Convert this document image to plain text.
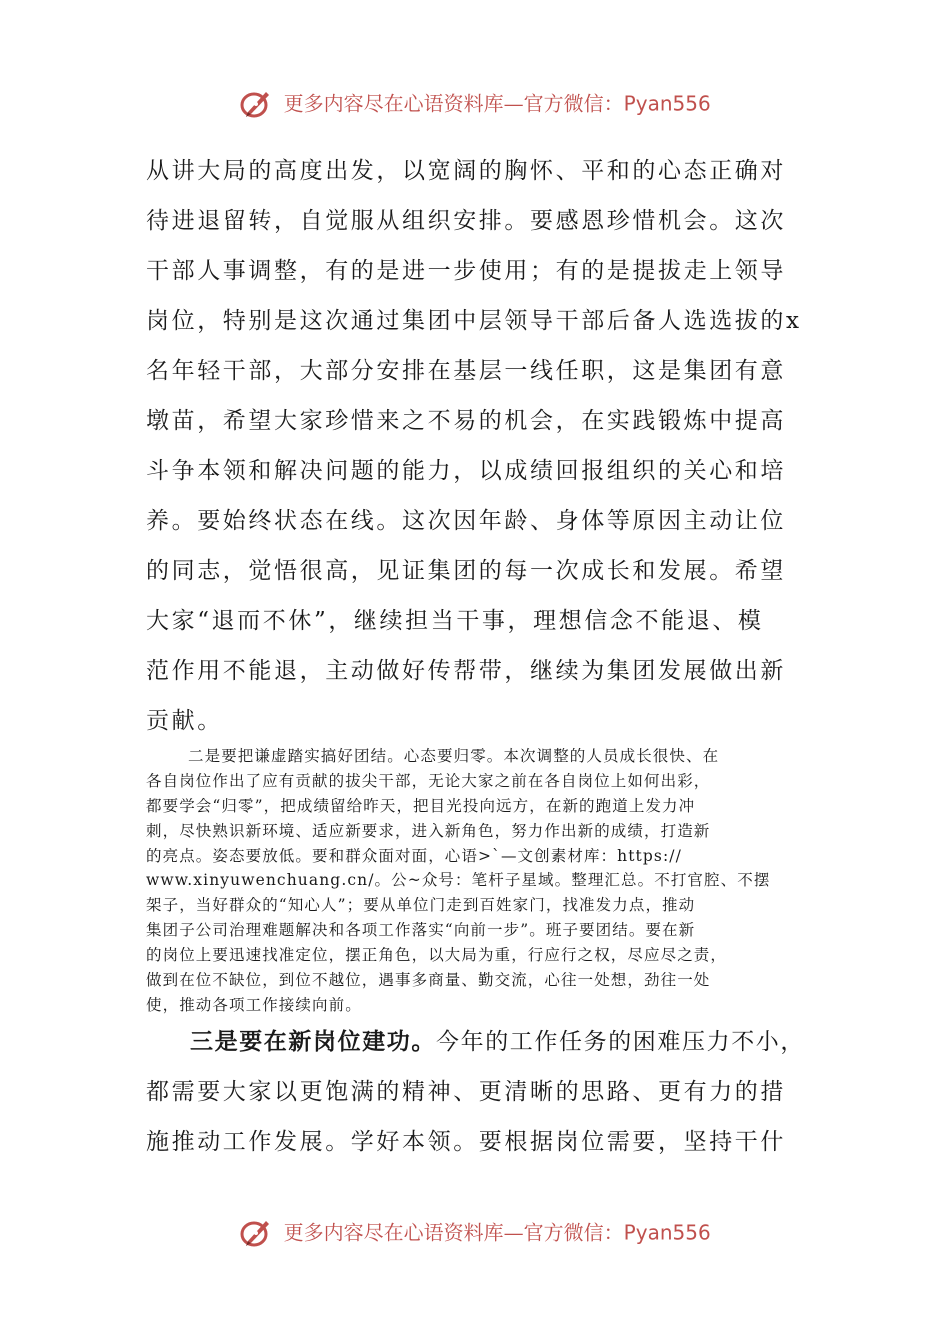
更多内容尽在心语资料库—官方微信：Pyan556
从讲大局的高度出发，以宽阔的胸怀、平和的心态正确对
待进退留转，自觉服从组织安排。要感恩珍惜机会。这次
干部人事调整，有的是进一步使用；有的是提拔走上领导
岗位，特别是这次通过集团中层领导干部后备人选选拔的x
名年轻干部，大部分安排在基层一线任职，这是集团有意
墩苗，希望大家珍惜来之不易的机会，在实践锻炼中提高
斗争本领和解决问题的能力，以成绩回报组织的关心和培
养。要始终状态在线。这次因年龄、身体等原因主动让位
的同志，觉悟很高，见证集团的每一次成长和发展。希望
大家“退而不休”，继续担当干事，理想信念不能退、模
范作用不能退，主动做好传帮带，继续为集团发展做出新
贡献。
二是要把谦虚踏实搞好团结。心态要归零。本次调整的人员成长很快、在
各自岗位作出了应有贡献的拔尖干部，无论大家之前在各自岗位上如何出彩，
都要学会“归零”，把成绩留给昨天，把目光投向远方，在新的跑道上发力冲
刺，尽快熟识新环境、适应新要求，进入新角色，努力作出新的成绩，打造新
的亮点。姿态要放低。要和群众面对面，心语>`—文创素材库：https://
www.xinyuwenchuang.cn/。公~众号：笔杆子星域。整理汇总。不打官腔、不摆
架子，当好群众的“知心人”；要从单位门走到百姓家门，找准发力点，推动
集团子公司治理难题解决和各项工作落实“向前一步”。班子要团结。要在新
的岗位上要迅速找准定位，摆正角色，以大局为重，行应行之权，尽应尽之责，
做到在位不缺位，到位不越位，遇事多商量、勤交流，心往一处想，劲往一处
使，推动各项工作接续向前。
三是要在新岗位建功。今年的工作任务的困难压力不小，
都需要大家以更饱满的精神、更清晰的思路、更有力的措
施推动工作发展。学好本领。要根据岗位需要，坚持干什
更多内容尽在心语资料库—官方微信：Pyan556
